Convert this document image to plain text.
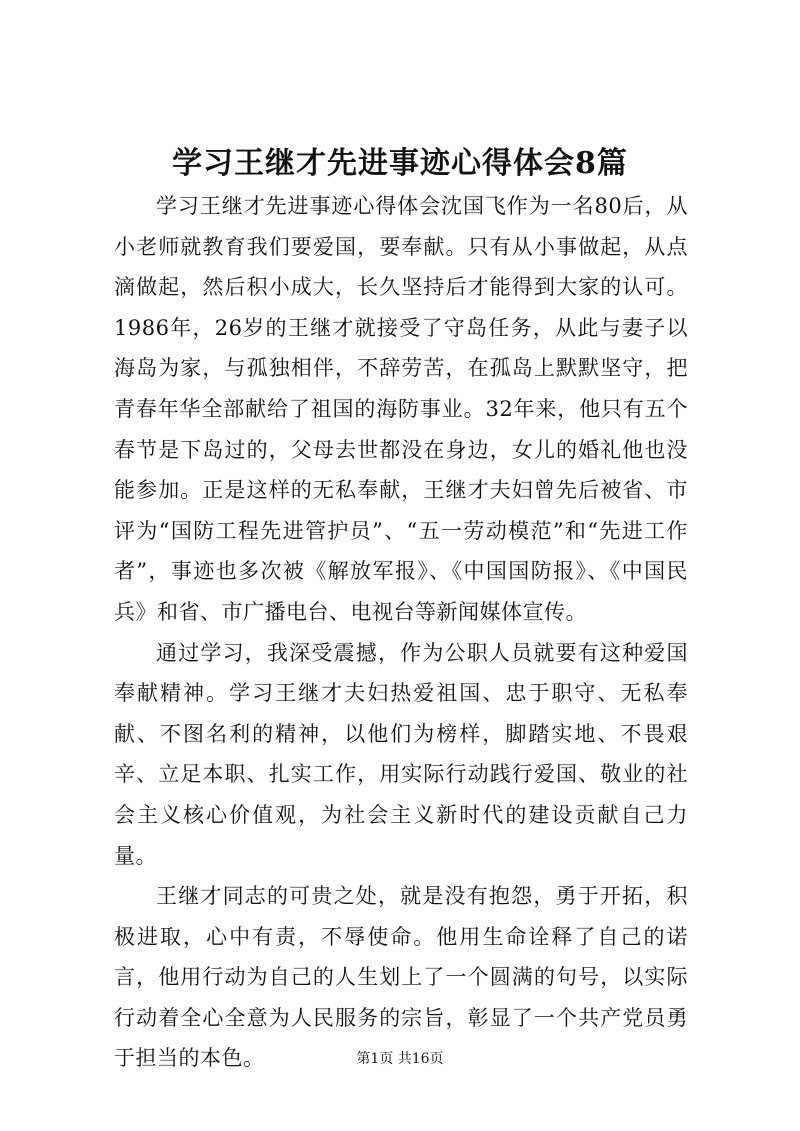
学习王继才先进事迹心得体会8篇

学习王继才先进事迹心得体会沈国飞作为一名80后，从小老师就教育我们要爱国，要奉献。只有从小事做起，从点滴做起，然后积小成大，长久坚持后才能得到大家的认可。1986年，26岁的王继才就接受了守岛任务，从此与妻子以海岛为家，与孤独相伴，不辞劳苦，在孤岛上默默坚守，把青春年华全部献给了祖国的海防事业。32年来，他只有五个春节是下岛过的，父母去世都没在身边，女儿的婚礼他也没能参加。正是这样的无私奉献，王继才夫妇曾先后被省、市评为“国防工程先进管护员”、“五一劳动模范”和“先进工作者”，事迹也多次被《解放军报》、《中国国防报》、《中国民兵》和省、市广播电台、电视台等新闻媒体宣传。

通过学习，我深受震撼，作为公职人员就要有这种爱国奉献精神。学习王继才夫妇热爱祖国、忠于职守、无私奉献、不图名利的精神，以他们为榜样，脚踏实地、不畏艰辛、立足本职、扎实工作，用实际行动践行爱国、敬业的社会主义核心价值观，为社会主义新时代的建设贡献自己力量。

王继才同志的可贵之处，就是没有抱怨，勇于开拓，积极进取，心中有责，不辱使命。他用生命诠释了自己的诺言，他用行动为自己的人生划上了一个圆满的句号，以实际行动着全心全意为人民服务的宗旨，彰显了一个共产党员勇于担当的本色。	第1页 共16页
